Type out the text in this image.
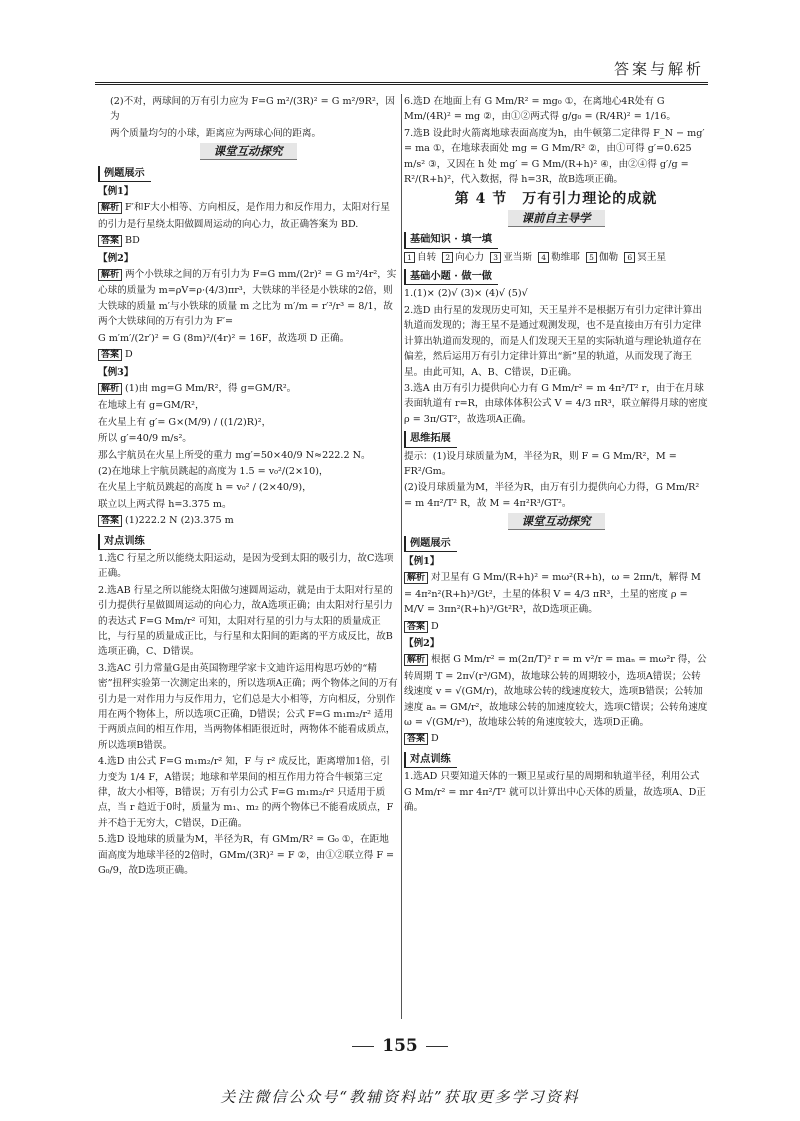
答案与解析

(2)不对，两球间的万有引力应为 F=G m²/(3R)² = G m²/9R²，因为

两个质量均匀的小球，距离应为两球心间的距离。

课堂互动探究
例题展示
【例1】

解析 F′和F大小相等、方向相反，是作用力和反作用力，太阳对行星的引力是行星绕太阳做圆周运动的向心力，故正确答案为 BD.

答案 BD

【例2】

解析 两个小铁球之间的万有引力为 F=G mm/(2r)² = G m²/4r²，实心球的质量为 m=ρV=ρ·(4/3)πr³，大铁球的半径是小铁球的2倍，则大铁球的质量 m′与小铁球的质量 m 之比为 m′/m = r′³/r³ = 8/1，故两个大铁球间的万有引力为 F′=

G m′m′/(2r′)² = G (8m)²/(4r)² = 16F，故选项 D 正确。

答案 D

【例3】

解析 (1)由 mg=G Mm/R²，得 g=GM/R²。

在地球上有 g=GM/R²，

在火星上有 g′= G×(M/9) / ((1/2)R)²，

所以 g′=40/9 m/s²。

那么宇航员在火星上所受的重力 mg′=50×40/9 N≈222.2 N。

(2)在地球上宇航员跳起的高度为 1.5 = v₀²/(2×10)，

在火星上宇航员跳起的高度 h = v₀² / (2×40/9)，

联立以上两式得 h=3.375 m。

答案 (1)222.2 N (2)3.375 m

对点训练

1.选C 行星之所以能绕太阳运动，是因为受到太阳的吸引力，故C选项正确。

2.选AB 行星之所以能绕太阳做匀速圆周运动，就是由于太阳对行星的引力提供行星做圆周运动的向心力，故A选项正确；由太阳对行星引力的表达式 F=G Mm/r² 可知，太阳对行星的引力与太阳的质量成正比，与行星的质量成正比，与行星和太阳间的距离的平方成反比，故B选项正确，C、D错误。

3.选AC 引力常量G是由英国物理学家卡文迪许运用构思巧妙的“精密”扭秤实验第一次测定出来的，所以选项A正确；两个物体之间的万有引力是一对作用力与反作用力，它们总是大小相等，方向相反，分别作用在两个物体上，所以选项C正确，D错误；公式 F=G m₁m₂/r² 适用于两质点间的相互作用，当两物体相距很近时，两物体不能看成质点，所以选项B错误。

4.选D 由公式 F=G m₁m₂/r² 知，F 与 r² 成反比，距离增加1倍，引力变为 1/4 F，A错误；地球和苹果间的相互作用力符合牛顿第三定律，故大小相等，B错误；万有引力公式 F=G m₁m₂/r² 只适用于质点，当 r 趋近于0时，质量为 m₁、m₂ 的两个物体已不能看成质点，F并不趋于无穷大，C错误，D正确。

5.选D 设地球的质量为M，半径为R，有 GMm/R² = G₀ ①，在距地面高度为地球半径的2倍时，GMm/(3R)² = F ②，由①②联立得 F = G₀/9，故D选项正确。

6.选D 在地面上有 G Mm/R² = mg₀ ①，在离地心4R处有 G Mm/(4R)² = mg ②，由①②两式得 g/g₀ = (R/4R)² = 1/16。

7.选B 设此时火箭离地球表面高度为h，由牛顿第二定律得 F_N − mg′ = ma ①，在地球表面处 mg = G Mm/R² ②，由①可得 g′=0.625 m/s² ③，又因在 h 处 mg′ = G Mm/(R+h)² ④，由②④得 g′/g = R²/(R+h)²，代入数据，得 h=3R，故B选项正确。

第 4 节　万有引力理论的成就
课前自主导学
基础知识 · 填一填

1 自转 2 向心力 3 亚当斯 4 勒维耶 5 伽勒 6 冥王星

基础小题 · 做一做

1.(1)× (2)√ (3)× (4)√ (5)√

2.选D 由行星的发现历史可知，天王星并不是根据万有引力定律计算出轨道而发现的；海王星不是通过观测发现，也不是直接由万有引力定律计算出轨道而发现的，而是人们发现天王星的实际轨道与理论轨道存在偏差，然后运用万有引力定律计算出“新”星的轨道，从而发现了海王星。由此可知，A、B、C错误，D正确。

3.选A 由万有引力提供向心力有 G Mm/r² = m 4π²/T² r，由于在月球表面轨道有 r=R，由球体体积公式 V = 4/3 πR³，联立解得月球的密度 ρ = 3π/GT²，故选项A正确。

思维拓展

提示：(1)设月球质量为M，半径为R，则 F = G Mm/R²，M = FR²/Gm。

(2)设月球质量为M，半径为R，由万有引力提供向心力得，G Mm/R² = m 4π²/T² R，故 M = 4π²R³/GT²。

课堂互动探究
例题展示
【例1】

解析 对卫星有 G Mm/(R+h)² = mω²(R+h)，ω = 2πn/t，解得 M = 4π²n²(R+h)³/Gt²，土星的体积 V = 4/3 πR³，土星的密度 ρ = M/V = 3πn²(R+h)³/Gt²R³，故D选项正确。

答案 D

【例2】

解析 根据 G Mm/r² = m(2π/T)² r = m v²/r = maₙ = mω²r 得，公转周期 T = 2π√(r³/GM)，故地球公转的周期较小，选项A错误；公转线速度 v = √(GM/r)，故地球公转的线速度较大，选项B错误；公转加速度 aₙ = GM/r²，故地球公转的加速度较大，选项C错误；公转角速度 ω = √(GM/r³)，故地球公转的角速度较大，选项D正确。

答案 D

对点训练

1.选AD 只要知道天体的一颗卫星或行星的周期和轨道半径，利用公式 G Mm/r² = mr 4π²/T² 就可以计算出中心天体的质量，故选项A、D正确。

155
关注微信公众号“教辅资料站”获取更多学习资料
